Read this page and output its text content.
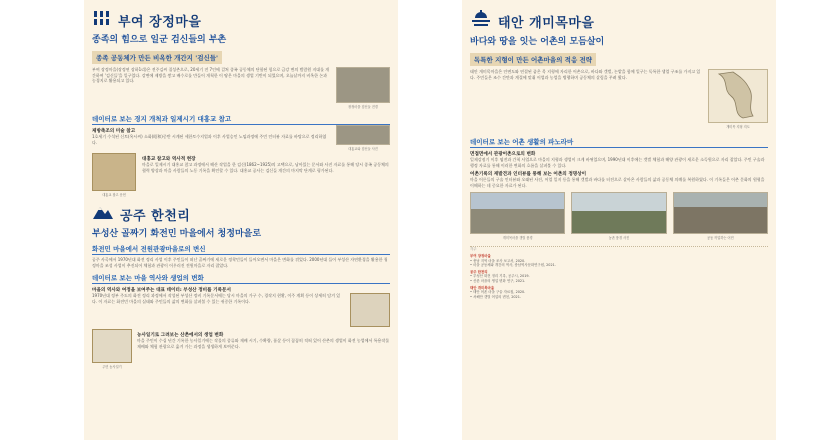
부여 장정마을
종족의 힘으로 일군 검신들의 부촌
종족 공동체가 만든 비옥한 개간지 '검신들'
부여 장정마을(장정연 장하1리)은 전주김씨 집성촌으로, 20세기 전 7인에 걸쳐 종족 공동체의 단합된 힘으로 금강 변의 범람원 지대를 개간하여 '검신들'을 일구었다. 강변에 제방을 쌓고 배수로를 만들어 개척한 이 땅은 마을의 생업 기반이 되었으며, 오늘날까지 비옥한 논과 농경지로 활용되고 있다.
장정마을 검신들 전경
데이터로 보는 경지 개척과 일제시기 대홍교 참고
제방축조의 미술 참고
1호세기 수석된 신토(옥시씨) 소화(昭和)중반 시계된 세한토수지업과 이후 사업승인 노임과정에 주민 인터뷰 자료를 바탕으로 정리하였다.
대홍교와 검신들 사진
대홍교 참고 문헌
대홍교 참고와 역사적 현장
마을로 일제시기 대홍교 참고 과정에서 해산 작업을 한 검신(1862~1925)의 고택으로, 남아있는 문서와 사진 자료를 통해 당시 종족 공동체의 협력 양상과 마을 사람들의 노동 기록을 확인할 수 있다. 대홍교 공사는 검신들 개간의 마지막 단계로 평가된다.
공주 한천리
부성산 골짜기 화전민 마을에서 청정마을로
화전민 마을에서 전원관광마을로의 변신
공주 사곡에서 1970년대 화전 정리 사업 이후 주민들이 떠난 골짜기에 새로운 정착민들이 들어오면서 마을은 변화를 겪었다. 2000년대 들어 부성산 자연환경을 활용한 청정마을 조성 사업이 추진되어 체험과 관광이 어우러진 전원마을로 자리 잡았다.
데이터로 보는 마을 역사와 생업의 변화
마을의 역사와 여정을 보여주는 대표 데이터: 부성산 정비를 기록문서
1970년대 정부 주도의 화전 정리 과정에서 작성된 부성산 정비 기록문서에는 당시 마을의 가구 수, 경작지 현황, 이주 계획 등이 상세히 담겨 있다. 이 자료는 화전민 마을의 실태와 주민들의 삶의 변화를 살펴볼 수 있는 귀중한 기록이다.
주민 농사일기
농사일기로 그려보는 산촌에서의 생업 변화
마을 주민이 수십 년간 기록한 농사일기에는 작물의 종류와 재배 시기, 수확량, 품삯 등이 꼼꼼히 적혀 있어 산촌의 생업이 화전 농업에서 특용작물 재배와 체험 관광으로 옮겨 가는 과정을 생생하게 보여준다.
태안 개미목마을
바다와 땅을 잇는 어촌의 모듬살이
독특한 지형이 만든 어촌마을의 적응 전략
태안 개미목마을은 안면도와 연결된 좁은 목 지형에 자리한 어촌으로, 바다와 갯벌, 논밭을 함께 일구는 독특한 생업 구조를 가지고 있다. 주민들은 조수 간만과 계절에 맞춰 어업과 농업을 병행하며 공동체의 살림을 꾸려 왔다.
개미목 지형 지도
데이터로 보는 어촌 생활의 파노라마
면접면에서 관광어촌으로의 변화
일제강점기 이후 염전과 간척 사업으로 마을의 지형과 생업이 크게 바뀌었으며, 1990년대 이후에는 갯벌 체험과 해양 관광이 새로운 소득원으로 자리 잡았다. 주민 구술과 행정 자료를 통해 이러한 변화의 흐름을 살펴볼 수 있다.
어촌기록의 재발견과 인터뷰를 통해 보는 어촌의 정명상이
마을 어른들의 구술 인터뷰와 오래된 사진, 어업 일지 등을 통해 갯벌과 바다를 터전으로 살아온 사람들의 삶과 공동체 의례를 복원하였다. 이 기록들은 어촌 문화의 원형을 이해하는 데 중요한 자료가 된다.
개미목마을 갯벌 풍경	농촌 풍경 사진	공동 작업하는 어민
각주
부여 장정마을
• 충남 지역 마을 조사 보고서, 2020.
• 마을 공동체와 개간의 역사, 충남역사문화연구원, 2021.
공주 한천리
• 부성산 화전 정리 기록, 공주시, 2019.
• 산촌 마을의 생업 변화 연구, 2021.
태안 개미목마을
• 태안 어촌 마을 구술 자료집, 2020.
• 서해안 갯벌 어업의 변천, 2021.
